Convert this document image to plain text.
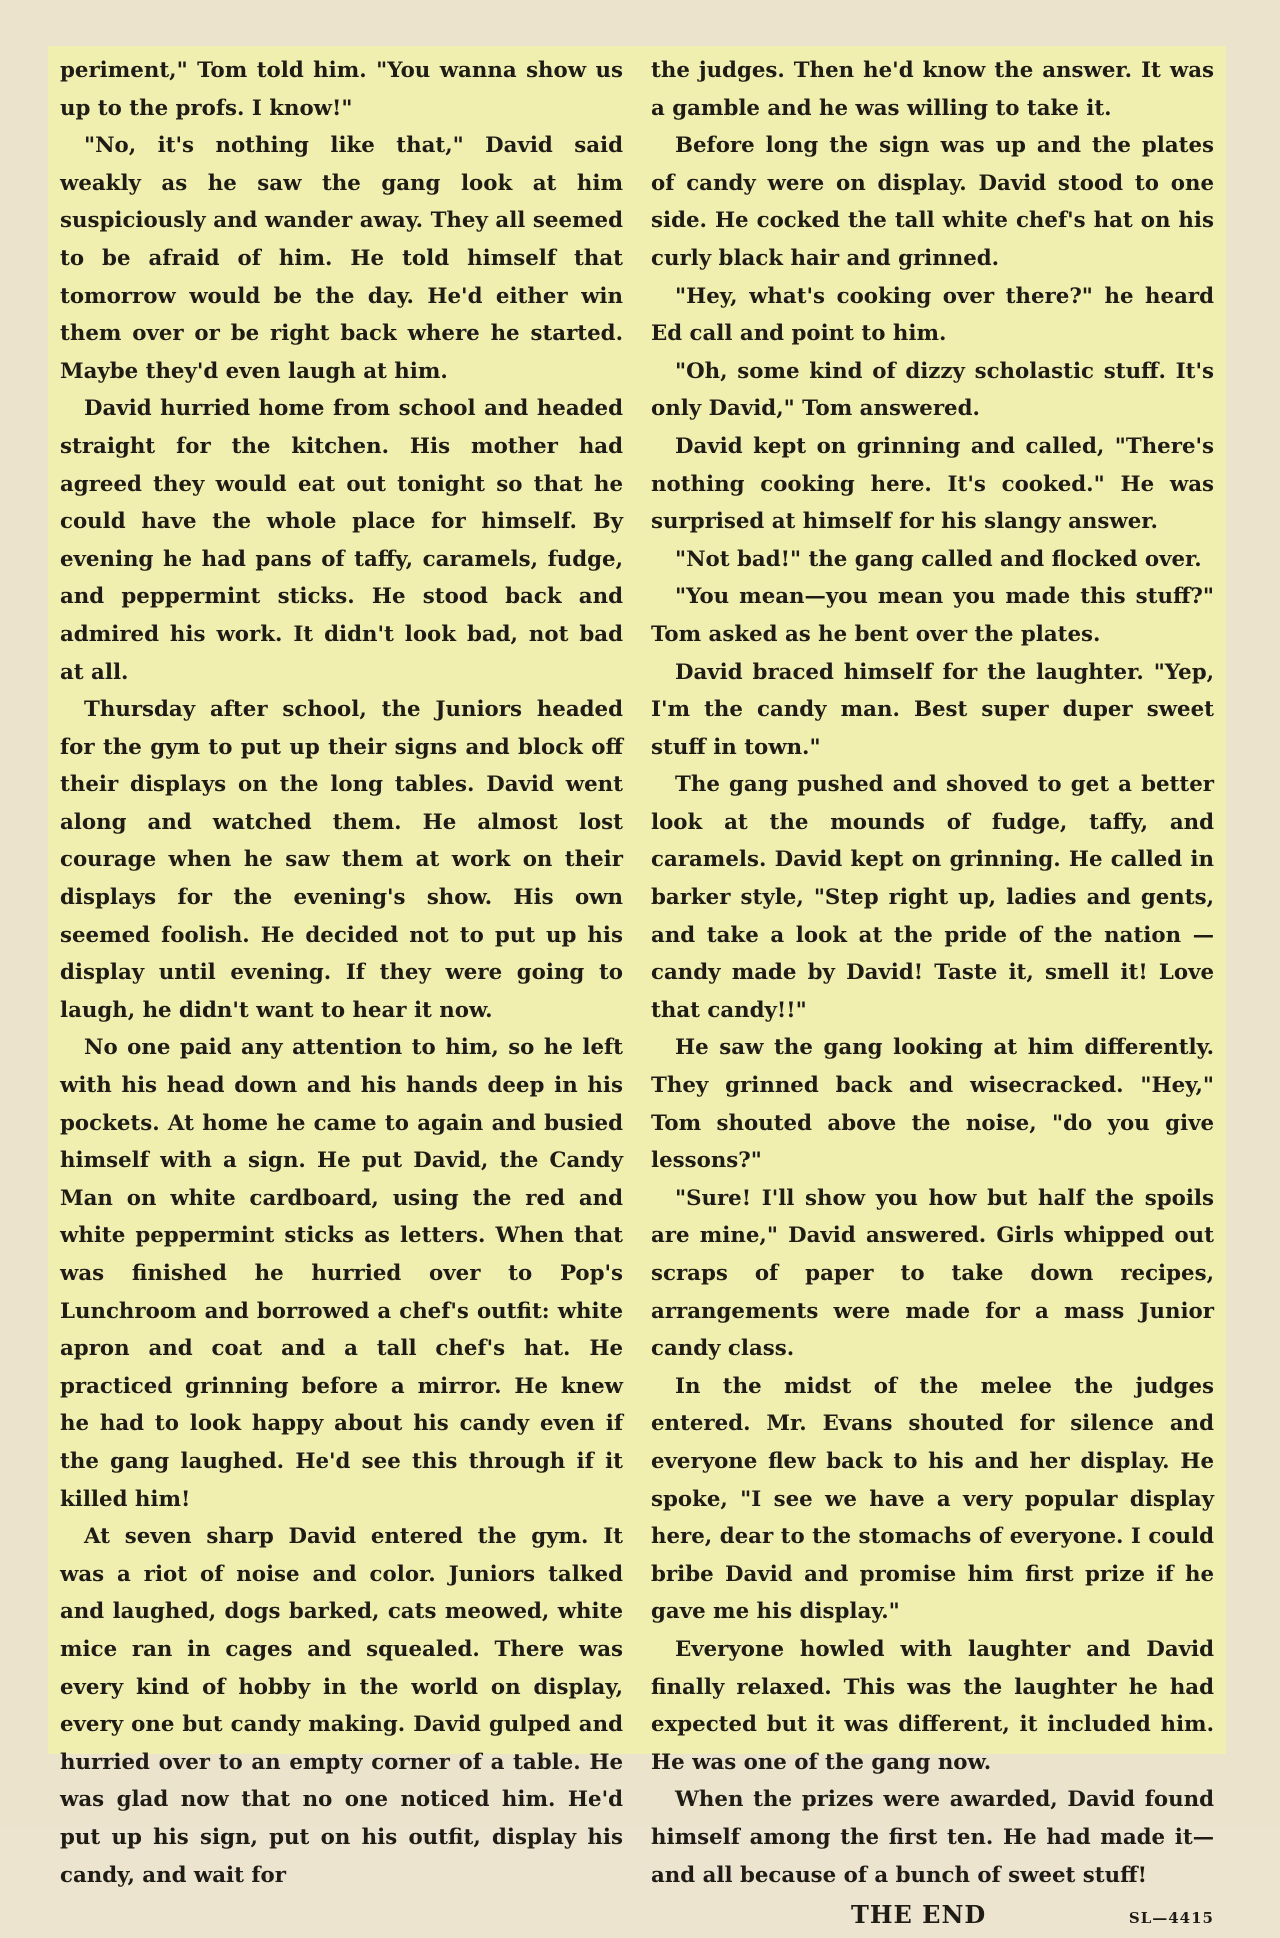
periment," Tom told him. "You wanna show us up to the profs. I know!"

"No, it's nothing like that," David said weakly as he saw the gang look at him suspiciously and wander away. They all seemed to be afraid of him. He told himself that tomorrow would be the day. He'd either win them over or be right back where he started. Maybe they'd even laugh at him.

David hurried home from school and headed straight for the kitchen. His mother had agreed they would eat out tonight so that he could have the whole place for himself. By evening he had pans of taffy, caramels, fudge, and peppermint sticks. He stood back and admired his work. It didn't look bad, not bad at all.

Thursday after school, the Juniors headed for the gym to put up their signs and block off their displays on the long tables. David went along and watched them. He almost lost courage when he saw them at work on their displays for the evening's show. His own seemed foolish. He decided not to put up his display until evening. If they were going to laugh, he didn't want to hear it now.

No one paid any attention to him, so he left with his head down and his hands deep in his pockets. At home he came to again and busied himself with a sign. He put David, the Candy Man on white cardboard, using the red and white peppermint sticks as letters. When that was finished he hurried over to Pop's Lunchroom and borrowed a chef's outfit: white apron and coat and a tall chef's hat. He practiced grinning before a mirror. He knew he had to look happy about his candy even if the gang laughed. He'd see this through if it killed him!

At seven sharp David entered the gym. It was a riot of noise and color. Juniors talked and laughed, dogs barked, cats meowed, white mice ran in cages and squealed. There was every kind of hobby in the world on display, every one but candy making. David gulped and hurried over to an empty corner of a table. He was glad now that no one noticed him. He'd put up his sign, put on his outfit, display his candy, and wait for

the judges. Then he'd know the answer. It was a gamble and he was willing to take it.

Before long the sign was up and the plates of candy were on display. David stood to one side. He cocked the tall white chef's hat on his curly black hair and grinned.

"Hey, what's cooking over there?" he heard Ed call and point to him.

"Oh, some kind of dizzy scholastic stuff. It's only David," Tom answered.

David kept on grinning and called, "There's nothing cooking here. It's cooked." He was surprised at himself for his slangy answer.

"Not bad!" the gang called and flocked over.

"You mean—you mean you made this stuff?" Tom asked as he bent over the plates.

David braced himself for the laughter. "Yep, I'm the candy man. Best super duper sweet stuff in town."

The gang pushed and shoved to get a better look at the mounds of fudge, taffy, and caramels. David kept on grinning. He called in barker style, "Step right up, ladies and gents, and take a look at the pride of the nation — candy made by David! Taste it, smell it! Love that candy!!"

He saw the gang looking at him differently. They grinned back and wisecracked. "Hey," Tom shouted above the noise, "do you give lessons?"

"Sure! I'll show you how but half the spoils are mine," David answered. Girls whipped out scraps of paper to take down recipes, arrangements were made for a mass Junior candy class.

In the midst of the melee the judges entered. Mr. Evans shouted for silence and everyone flew back to his and her display. He spoke, "I see we have a very popular display here, dear to the stomachs of everyone. I could bribe David and promise him first prize if he gave me his display."

Everyone howled with laughter and David finally relaxed. This was the laughter he had expected but it was different, it included him. He was one of the gang now.

When the prizes were awarded, David found himself among the first ten. He had made it—and all because of a bunch of sweet stuff!

THE END	SL—4415
